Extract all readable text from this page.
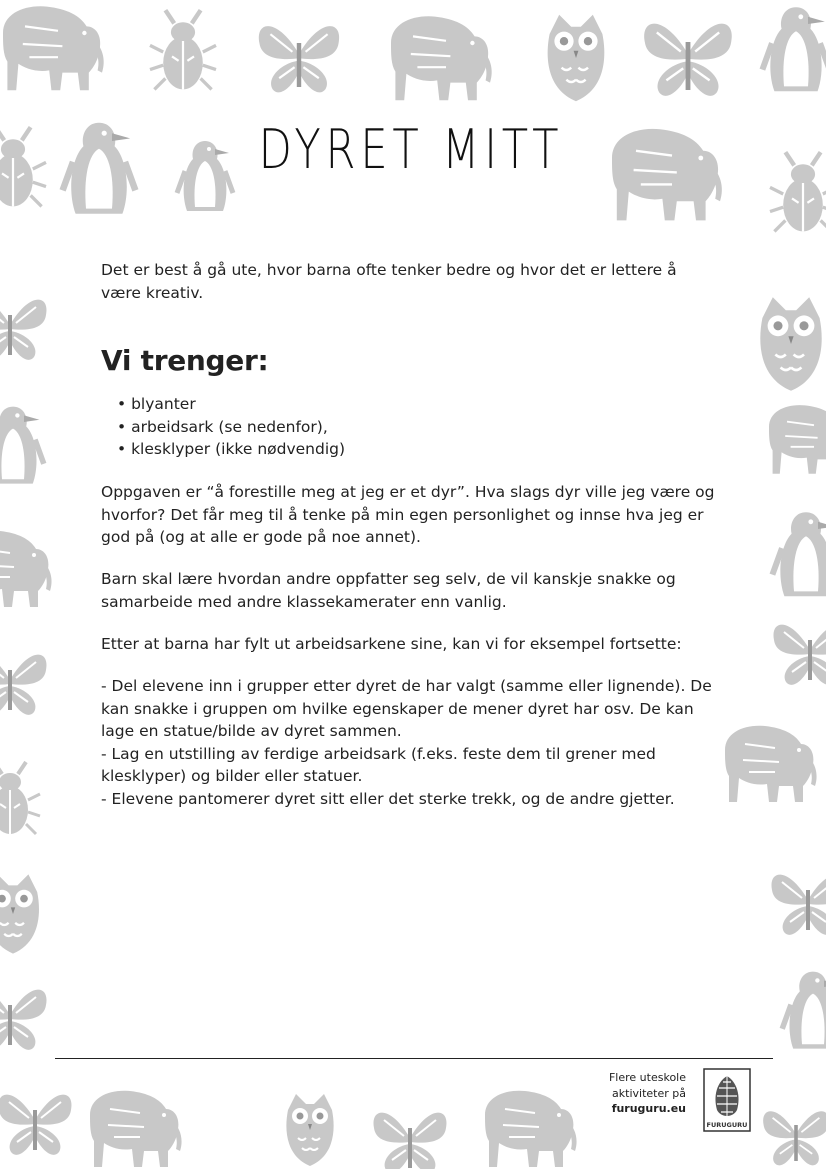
DYRET MITT

Det er best å gå ute, hvor barna ofte tenker bedre og hvor det er lettere å være kreativ.

Vi trenger:
• blyanter
• arbeidsark (se nedenfor),
• klesklyper (ikke nødvendig)

Oppgaven er “å forestille meg at jeg er et dyr”. Hva slags dyr ville jeg være og hvorfor? Det får meg til å tenke på min egen personlighet og innse hva jeg er god på (og at alle er gode på noe annet).

Barn skal lære hvordan andre oppfatter seg selv, de vil kanskje snakke og samarbeide med andre klassekamerater enn vanlig.

Etter at barna har fylt ut arbeidsarkene sine, kan vi for eksempel fortsette:

- Del elevene inn i grupper etter dyret de har valgt (samme eller lignende). De kan snakke i gruppen om hvilke egenskaper de mener dyret har osv. De kan lage en statue/bilde av dyret sammen.
- Lag en utstilling av ferdige arbeidsark (f.eks. feste dem til grener med klesklyper) og bilder eller statuer.
- Elevene pantomerer dyret sitt eller det sterke trekk, og de andre gjetter.
Flere uteskole
aktiviteter på
furuguru.eu
FURUGURU
